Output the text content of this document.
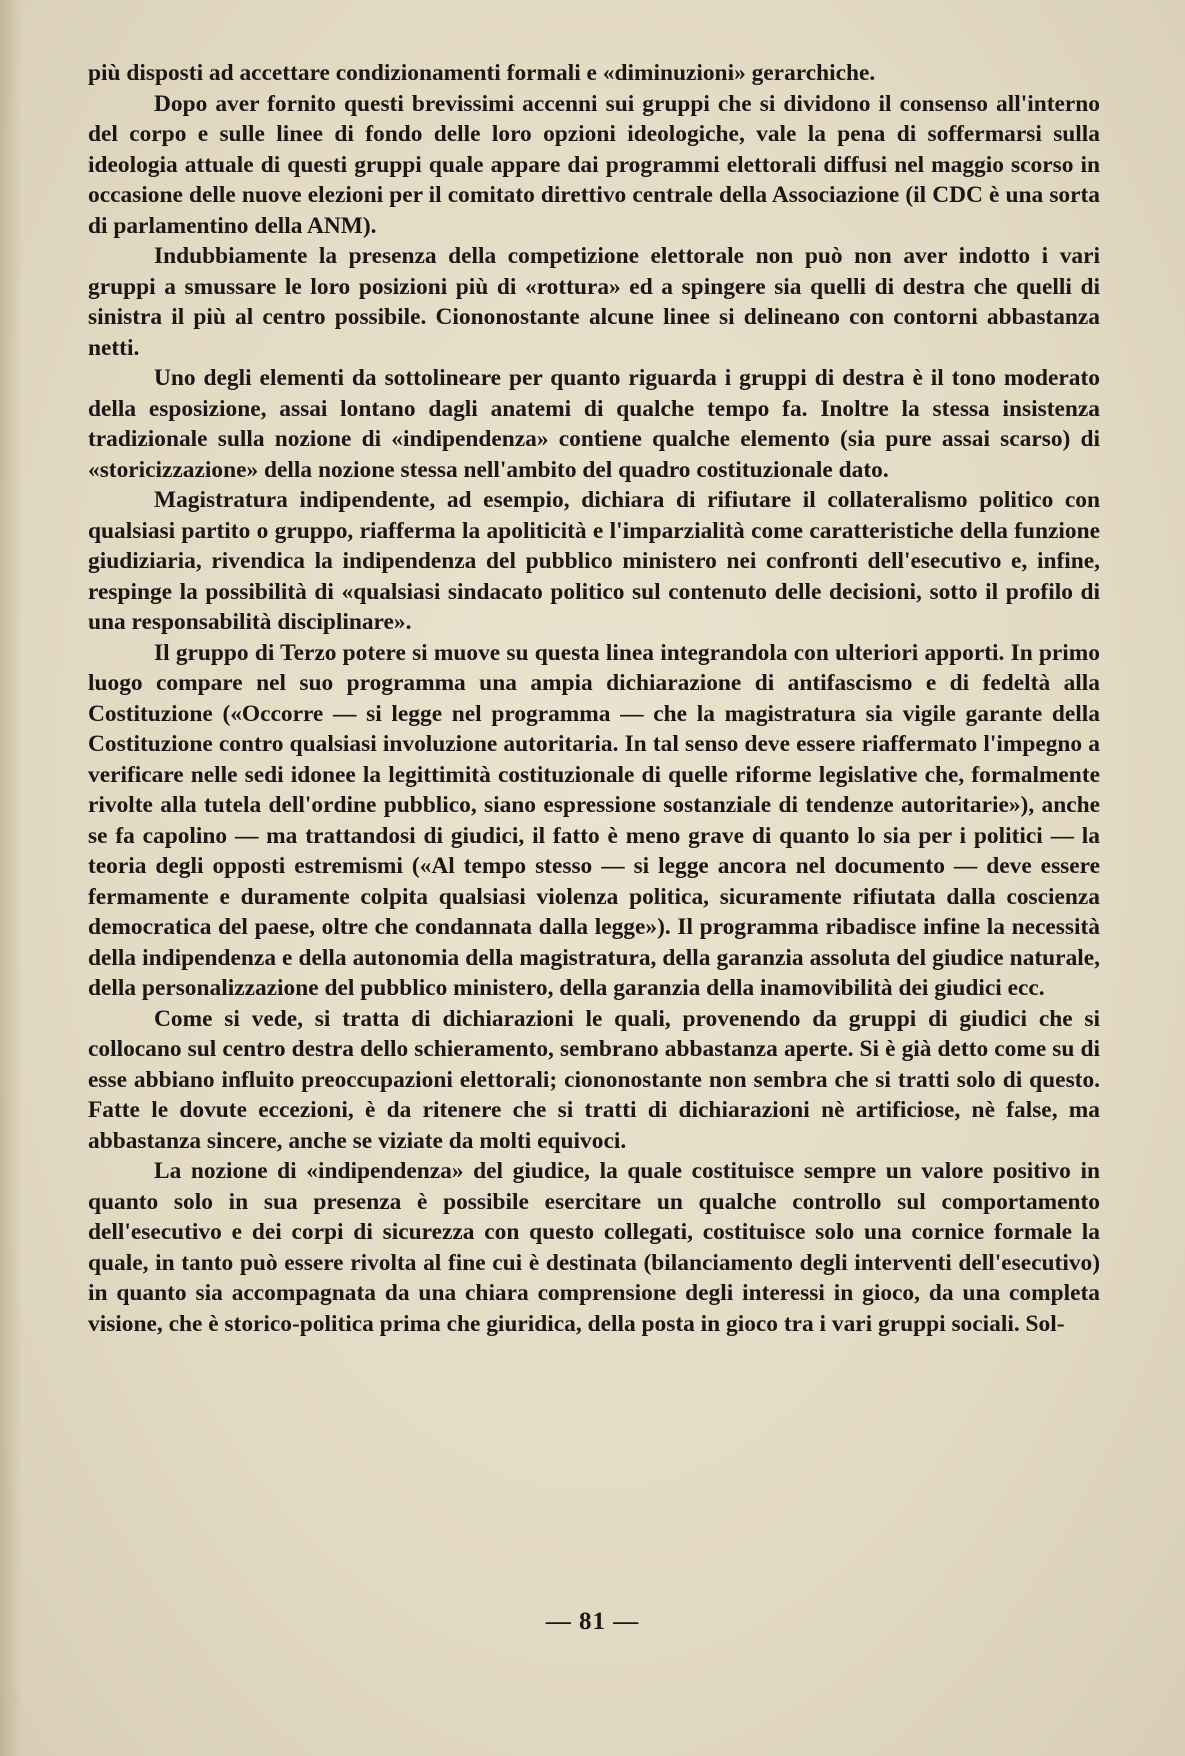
più disposti ad accettare condizionamenti formali e «diminuzioni» gerarchiche.

Dopo aver fornito questi brevissimi accenni sui gruppi che si dividono il consenso all'interno del corpo e sulle linee di fondo delle loro opzioni ideologiche, vale la pena di soffermarsi sulla ideologia attuale di questi gruppi quale appare dai programmi elettorali diffusi nel maggio scorso in occasione delle nuove elezioni per il comitato direttivo centrale della Associazione (il CDC è una sorta di parlamentino della ANM).

Indubbiamente la presenza della competizione elettorale non può non aver indotto i vari gruppi a smussare le loro posizioni più di «rottura» ed a spingere sia quelli di destra che quelli di sinistra il più al centro possibile. Ciononostante alcune linee si delineano con contorni abbastanza netti.

Uno degli elementi da sottolineare per quanto riguarda i gruppi di destra è il tono moderato della esposizione, assai lontano dagli anatemi di qualche tempo fa. Inoltre la stessa insistenza tradizionale sulla nozione di «indipendenza» contiene qualche elemento (sia pure assai scarso) di «storicizzazione» della nozione stessa nell'ambito del quadro costituzionale dato.

Magistratura indipendente, ad esempio, dichiara di rifiutare il collateralismo politico con qualsiasi partito o gruppo, riafferma la apoliticità e l'imparzialità come caratteristiche della funzione giudiziaria, rivendica la indipendenza del pubblico ministero nei confronti dell'esecutivo e, infine, respinge la possibilità di «qualsiasi sindacato politico sul contenuto delle decisioni, sotto il profilo di una responsabilità disciplinare».

Il gruppo di Terzo potere si muove su questa linea integrandola con ulteriori apporti. In primo luogo compare nel suo programma una ampia dichiarazione di antifascismo e di fedeltà alla Costituzione («Occorre — si legge nel programma — che la magistratura sia vigile garante della Costituzione contro qualsiasi involuzione autoritaria. In tal senso deve essere riaffermato l'impegno a verificare nelle sedi idonee la legittimità costituzionale di quelle riforme legislative che, formalmente rivolte alla tutela dell'ordine pubblico, siano espressione sostanziale di tendenze autoritarie»), anche se fa capolino — ma trattandosi di giudici, il fatto è meno grave di quanto lo sia per i politici — la teoria degli opposti estremismi («Al tempo stesso — si legge ancora nel documento — deve essere fermamente e duramente colpita qualsiasi violenza politica, sicuramente rifiutata dalla coscienza democratica del paese, oltre che condannata dalla legge»). Il programma ribadisce infine la necessità della indipendenza e della autonomia della magistratura, della garanzia assoluta del giudice naturale, della personalizzazione del pubblico ministero, della garanzia della inamovibilità dei giudici ecc.

Come si vede, si tratta di dichiarazioni le quali, provenendo da gruppi di giudici che si collocano sul centro destra dello schieramento, sembrano abbastanza aperte. Si è già detto come su di esse abbiano influito preoccupazioni elettorali; ciononostante non sembra che si tratti solo di questo. Fatte le dovute eccezioni, è da ritenere che si tratti di dichiarazioni nè artificiose, nè false, ma abbastanza sincere, anche se viziate da molti equivoci.

La nozione di «indipendenza» del giudice, la quale costituisce sempre un valore positivo in quanto solo in sua presenza è possibile esercitare un qualche controllo sul comportamento dell'esecutivo e dei corpi di sicurezza con questo collegati, costituisce solo una cornice formale la quale, in tanto può essere rivolta al fine cui è destinata (bilanciamento degli interventi dell'esecutivo) in quanto sia accompagnata da una chiara comprensione degli interessi in gioco, da una completa visione, che è storico-politica prima che giuridica, della posta in gioco tra i vari gruppi sociali. Sol-

— 81 —
